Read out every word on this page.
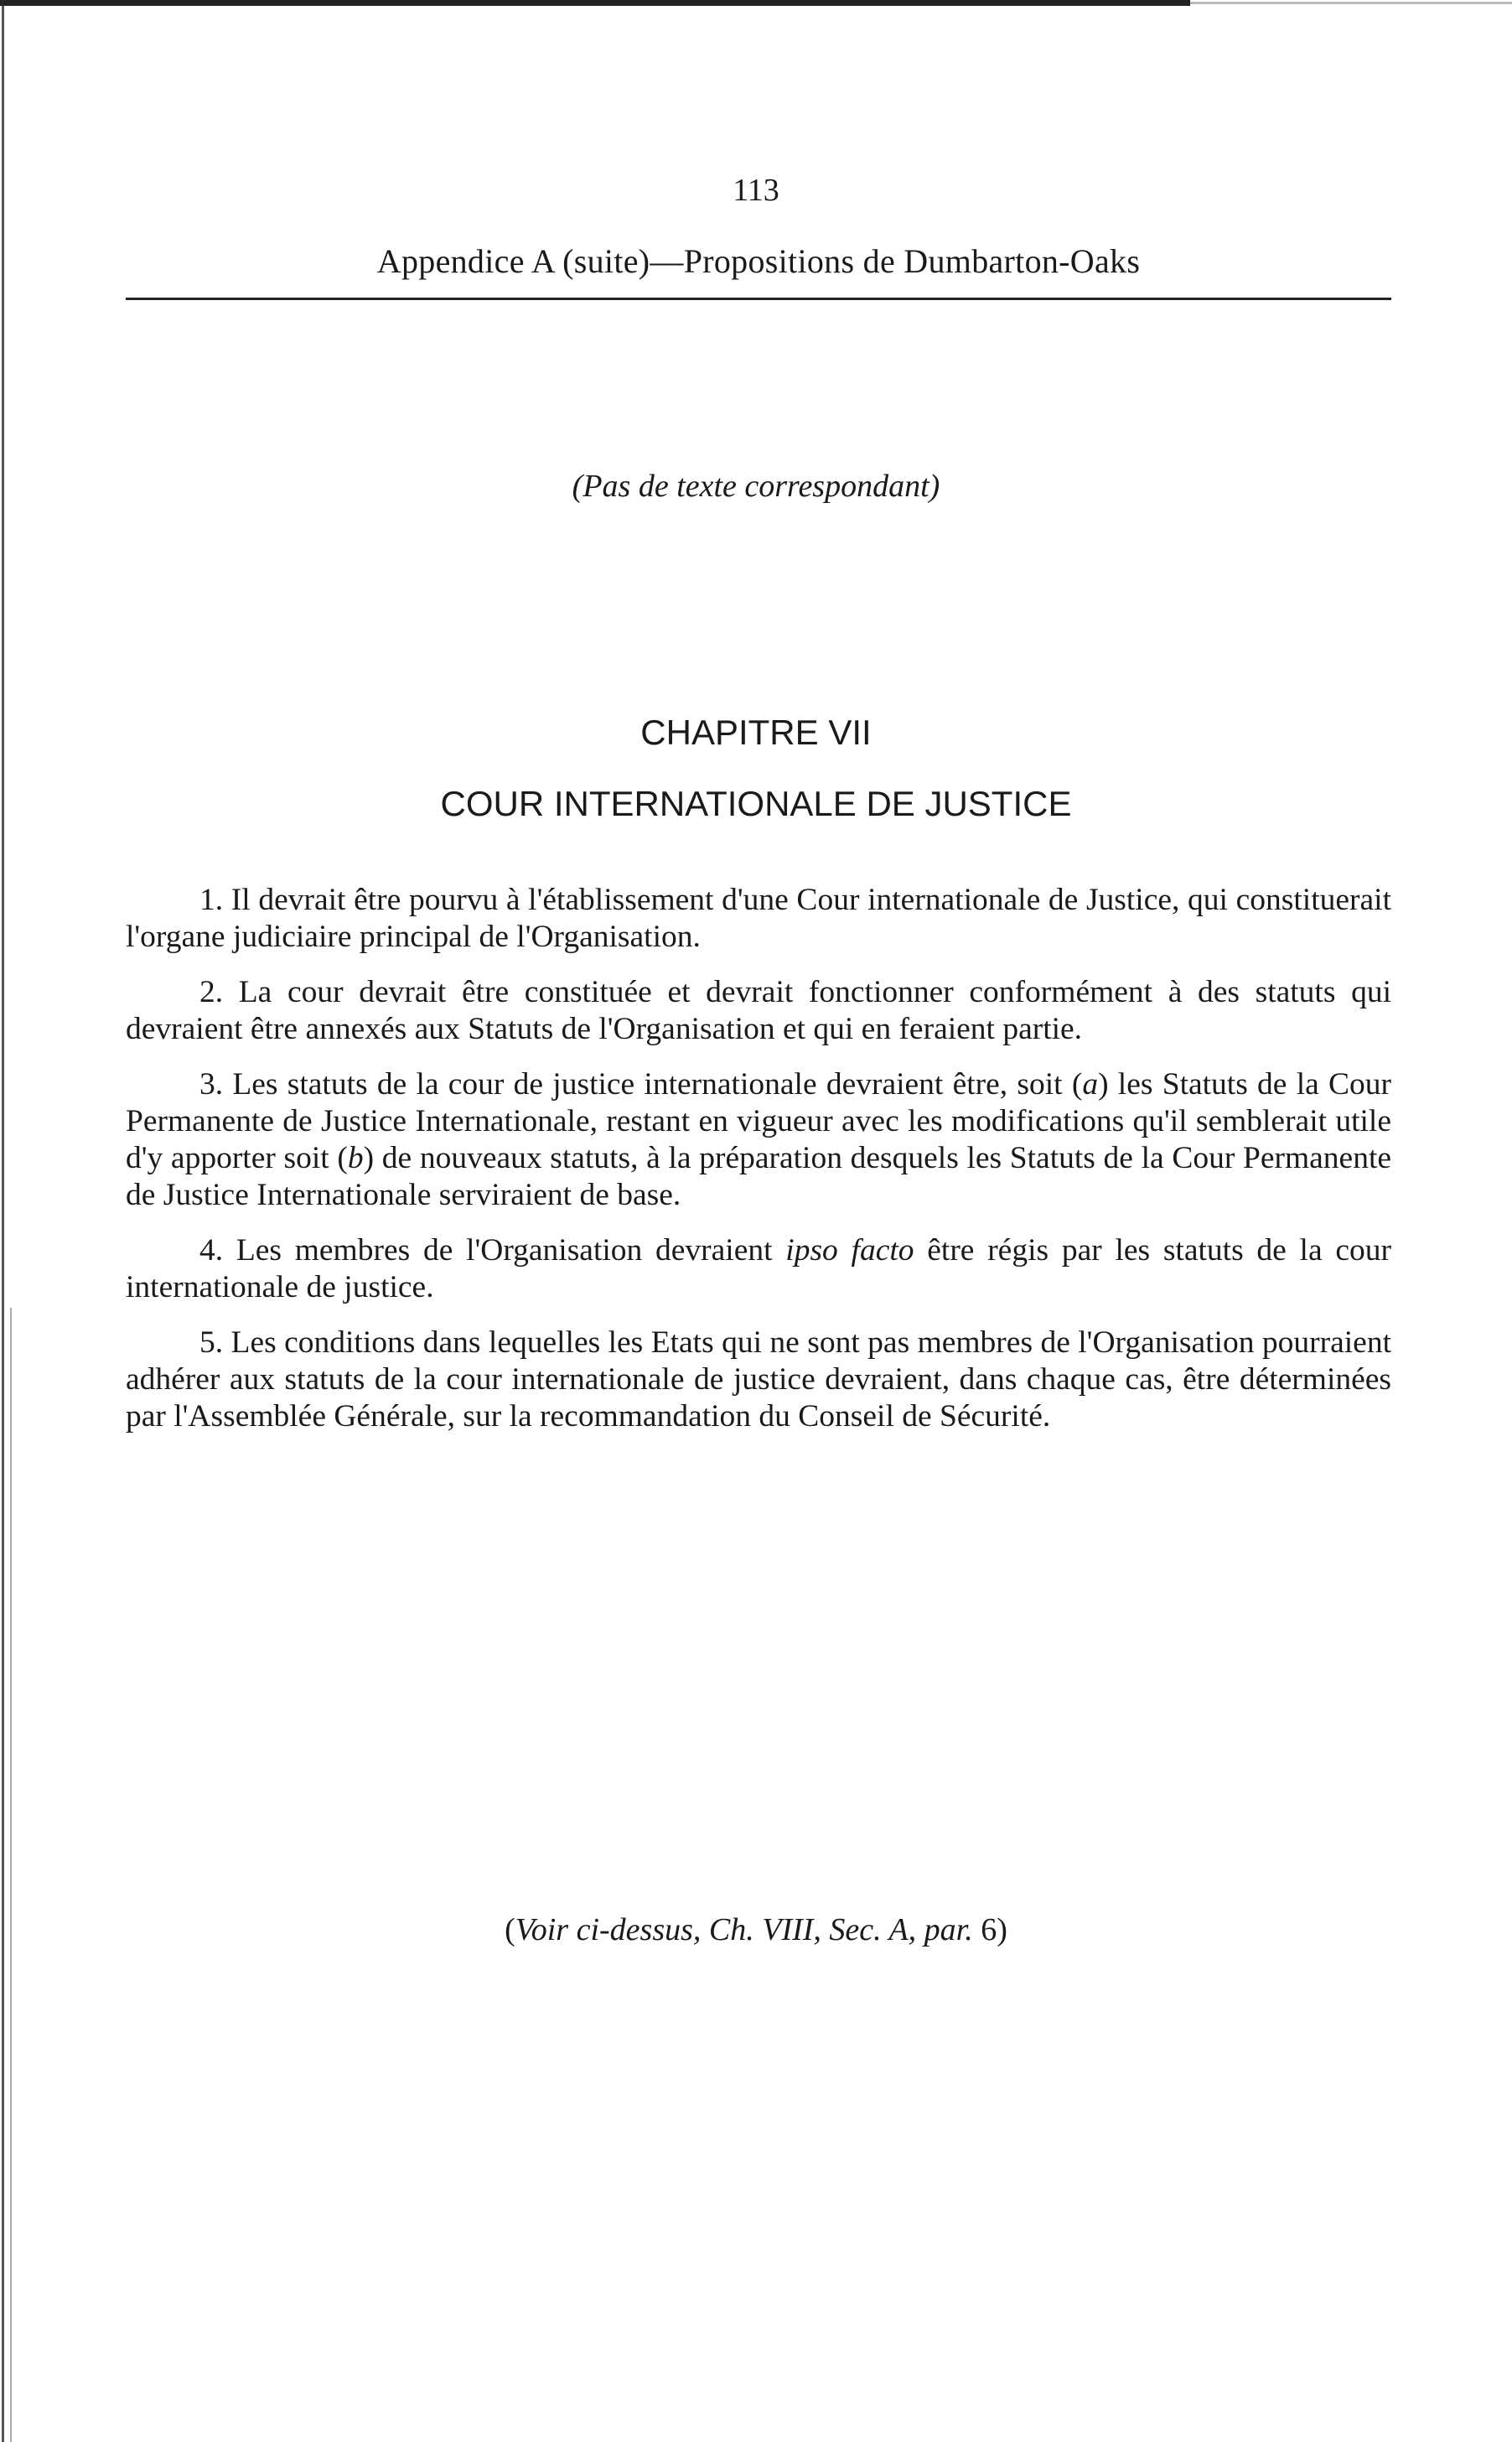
113
Appendice A (suite)—Propositions de Dumbarton-Oaks
(Pas de texte correspondant)
CHAPITRE VII
COUR INTERNATIONALE DE JUSTICE

1. Il devrait être pourvu à l'établissement d'une Cour internationale de Justice, qui constituerait l'organe judiciaire principal de l'Organisation.

2. La cour devrait être constituée et devrait fonctionner conformément à des statuts qui devraient être annexés aux Statuts de l'Organisation et qui en feraient partie.

3. Les statuts de la cour de justice internationale devraient être, soit (a) les Statuts de la Cour Permanente de Justice Internationale, restant en vigueur avec les modifications qu'il semblerait utile d'y apporter soit (b) de nouveaux statuts, à la préparation desquels les Statuts de la Cour Permanente de Justice Internationale serviraient de base.

4. Les membres de l'Organisation devraient ipso facto être régis par les statuts de la cour internationale de justice.

5. Les conditions dans lequelles les Etats qui ne sont pas membres de l'Organisation pourraient adhérer aux statuts de la cour internationale de justice devraient, dans chaque cas, être déterminées par l'Assemblée Générale, sur la recommandation du Conseil de Sécurité.

(Voir ci-dessus, Ch. VIII, Sec. A, par. 6)
